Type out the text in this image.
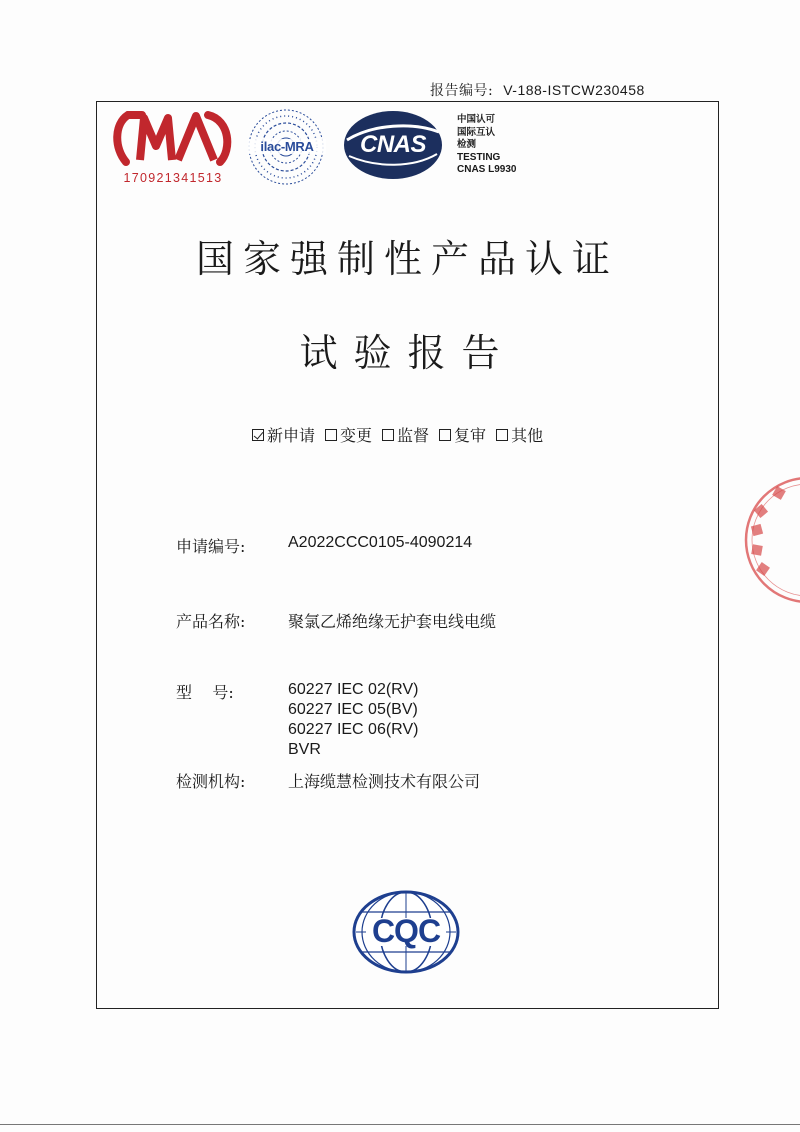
报告编号: V-188-ISTCW230458
170921341513
ilac-MRA	CNAS
中国认可
国际互认
检测
TESTING
CNAS L9930
国家强制性产品认证
试验报告
新申请 变更 监督 复审 其他
申请编号:	A2022CCC0105-4090214
产品名称:	聚氯乙烯绝缘无护套电线电缆
型    号:	60227 IEC 02(RV)
60227 IEC 05(BV)
60227 IEC 06(RV)
BVR
检测机构:	上海缆慧检测技术有限公司
CQC
